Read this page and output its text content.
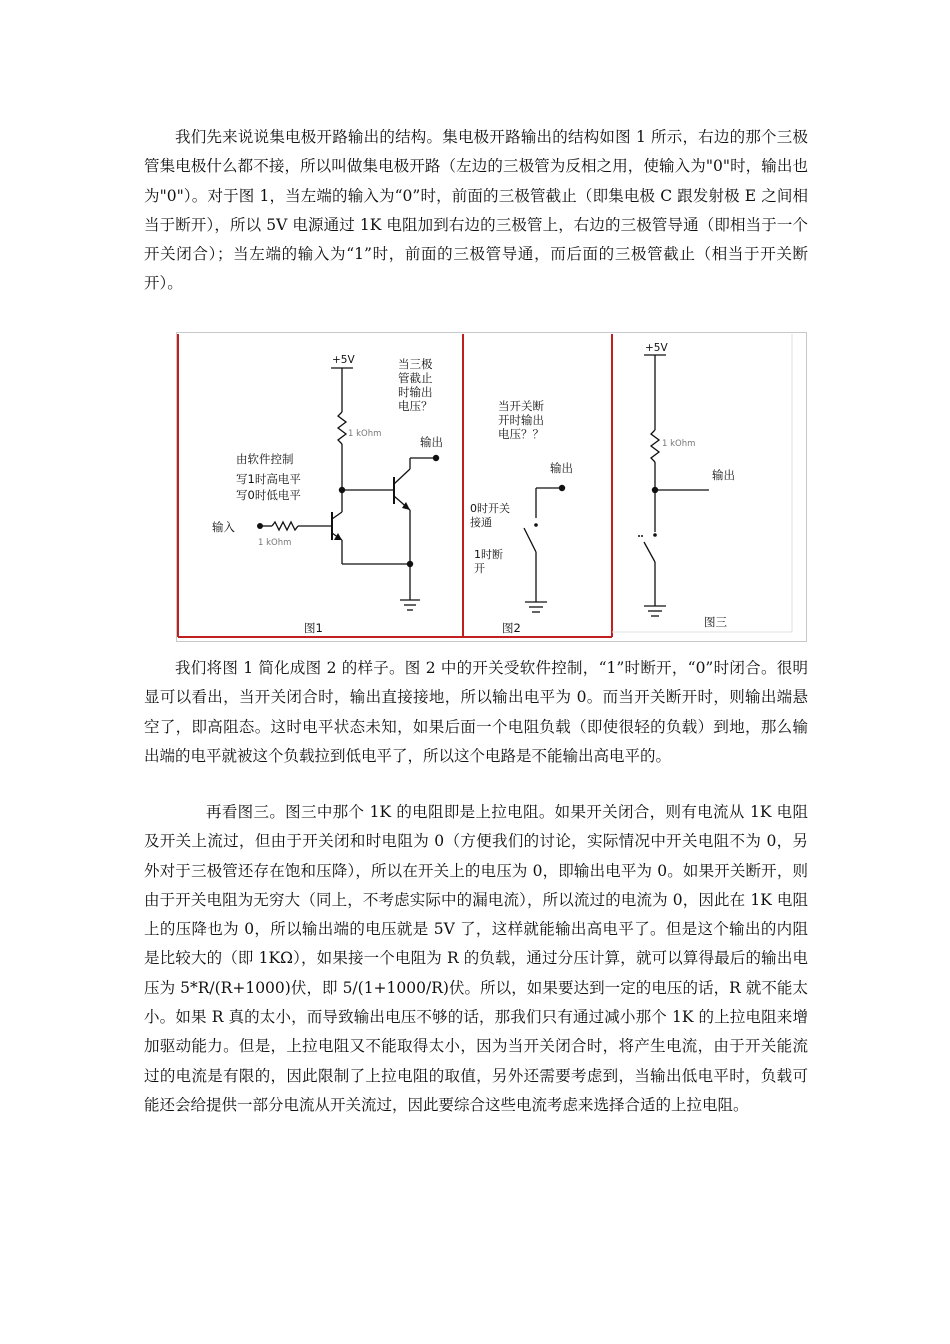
我们先来说说集电极开路输出的结构。集电极开路输出的结构如图 1 所示，右边的那个三极管集电极什么都不接，所以叫做集电极开路（左边的三极管为反相之用，使输入为"0"时，输出也为"0"）。对于图 1，当左端的输入为“0”时，前面的三极管截止（即集电极 C 跟发射极 E 之间相当于断开），所以 5V 电源通过 1K 电阻加到右边的三极管上，右边的三极管导通（即相当于一个开关闭合）；当左端的输入为“1”时，前面的三极管导通，而后面的三极管截止（相当于开关断开）。

+5V	当三极
管截止
时输出
电压？
1 kOhm
输出
由软件控制
写1时高电平
写0时低电平
输入
1 kOhm
图1
当开关断
开时输出
电压？？
输出
0时开关
接通
1时断
开
图2
+5V
1 kOhm
输出
图三

我们将图 1 简化成图 2 的样子。图 2 中的开关受软件控制，“1”时断开，“0”时闭合。很明显可以看出，当开关闭合时，输出直接接地，所以输出电平为 0。而当开关断开时，则输出端悬空了，即高阻态。这时电平状态未知，如果后面一个电阻负载（即使很轻的负载）到地，那么输出端的电平就被这个负载拉到低电平了，所以这个电路是不能输出高电平的。

再看图三。图三中那个 1K 的电阻即是上拉电阻。如果开关闭合，则有电流从 1K 电阻及开关上流过，但由于开关闭和时电阻为 0（方便我们的讨论，实际情况中开关电阻不为 0，另外对于三极管还存在饱和压降），所以在开关上的电压为 0，即输出电平为 0。如果开关断开，则由于开关电阻为无穷大（同上，不考虑实际中的漏电流），所以流过的电流为 0，因此在 1K 电阻上的压降也为 0，所以输出端的电压就是 5V 了，这样就能输出高电平了。但是这个输出的内阻是比较大的（即 1KΩ），如果接一个电阻为 R 的负载，通过分压计算，就可以算得最后的输出电压为 5*R/(R+1000)伏，即 5/(1+1000/R)伏。所以，如果要达到一定的电压的话，R 就不能太小。如果 R 真的太小，而导致输出电压不够的话，那我们只有通过减小那个 1K 的上拉电阻来增加驱动能力。但是，上拉电阻又不能取得太小，因为当开关闭合时，将产生电流，由于开关能流过的电流是有限的，因此限制了上拉电阻的取值，另外还需要考虑到，当输出低电平时，负载可能还会给提供一部分电流从开关流过，因此要综合这些电流考虑来选择合适的上拉电阻。
